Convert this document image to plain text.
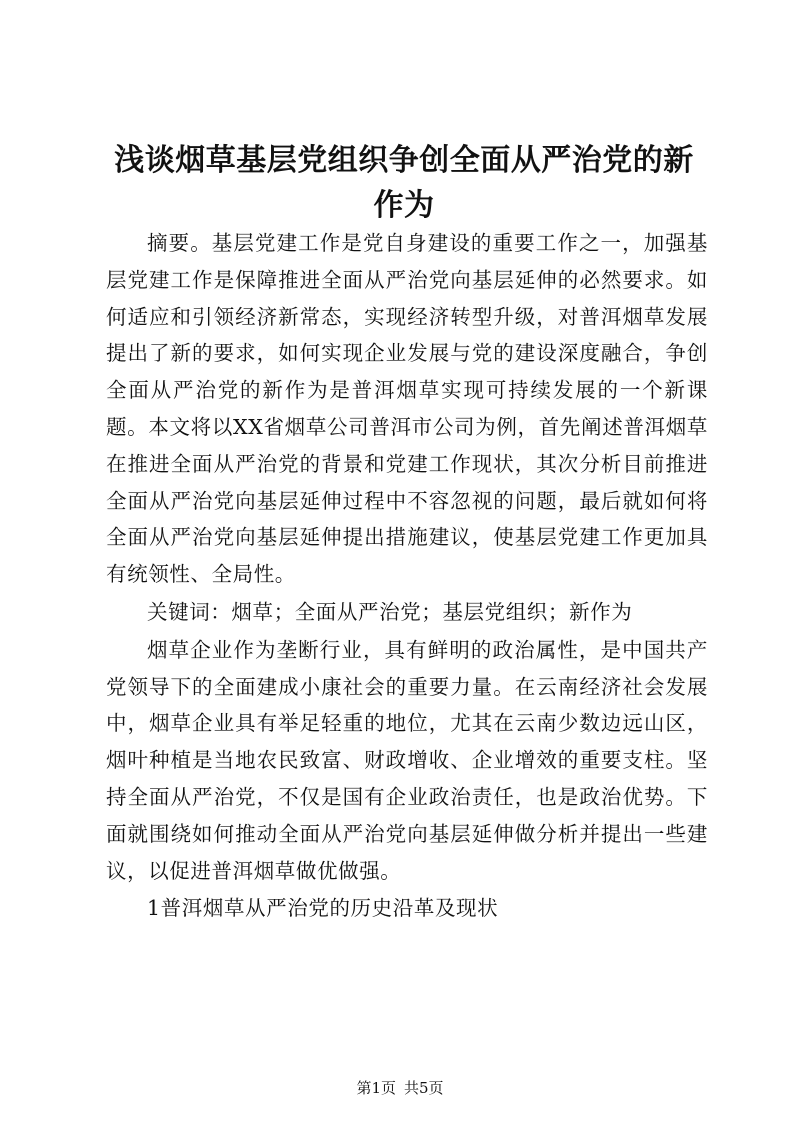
浅谈烟草基层党组织争创全面从严治党的新作为

摘要。基层党建工作是党自身建设的重要工作之一，加强基层党建工作是保障推进全面从严治党向基层延伸的必然要求。如何适应和引领经济新常态，实现经济转型升级，对普洱烟草发展提出了新的要求，如何实现企业发展与党的建设深度融合，争创全面从严治党的新作为是普洱烟草实现可持续发展的一个新课题。本文将以XX省烟草公司普洱市公司为例，首先阐述普洱烟草在推进全面从严治党的背景和党建工作现状，其次分析目前推进全面从严治党向基层延伸过程中不容忽视的问题，最后就如何将全面从严治党向基层延伸提出措施建议，使基层党建工作更加具有统领性、全局性。

关键词：烟草；全面从严治党；基层党组织；新作为

烟草企业作为垄断行业，具有鲜明的政治属性，是中国共产党领导下的全面建成小康社会的重要力量。在云南经济社会发展中，烟草企业具有举足轻重的地位，尤其在云南少数边远山区，烟叶种植是当地农民致富、财政增收、企业增效的重要支柱。坚持全面从严治党，不仅是国有企业政治责任，也是政治优势。下面就围绕如何推动全面从严治党向基层延伸做分析并提出一些建议，以促进普洱烟草做优做强。

1普洱烟草从严治党的历史沿革及现状

第1页 共5页
